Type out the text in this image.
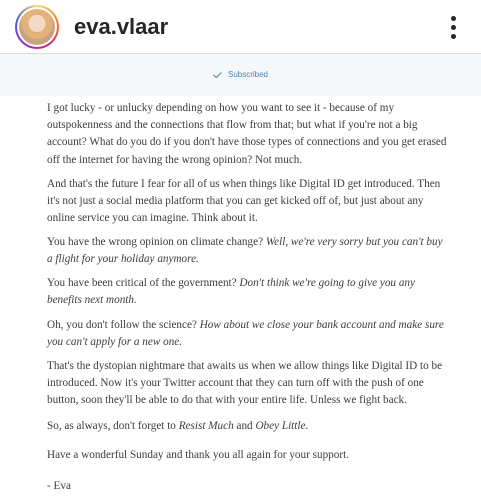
eva.vlaar
Subscribed

I got lucky - or unlucky depending on how you want to see it - because of my outspokenness and the connections that flow from that; but what if you're not a big account? What do you do if you don't have those types of connections and you get erased off the internet for having the wrong opinion? Not much.

And that's the future I fear for all of us when things like Digital ID get introduced. Then it's not just a social media platform that you can get kicked off of, but just about any online service you can imagine. Think about it.

You have the wrong opinion on climate change? Well, we're very sorry but you can't buy a flight for your holiday anymore.

You have been critical of the government? Don't think we're going to give you any benefits next month.

Oh, you don't follow the science? How about we close your bank account and make sure you can't apply for a new one.

That's the dystopian nightmare that awaits us when we allow things like Digital ID to be introduced. Now it's your Twitter account that they can turn off with the push of one button, soon they'll be able to do that with your entire life. Unless we fight back.

So, as always, don't forget to Resist Much and Obey Little.

Have a wonderful Sunday and thank you all again for your support.

- Eva
